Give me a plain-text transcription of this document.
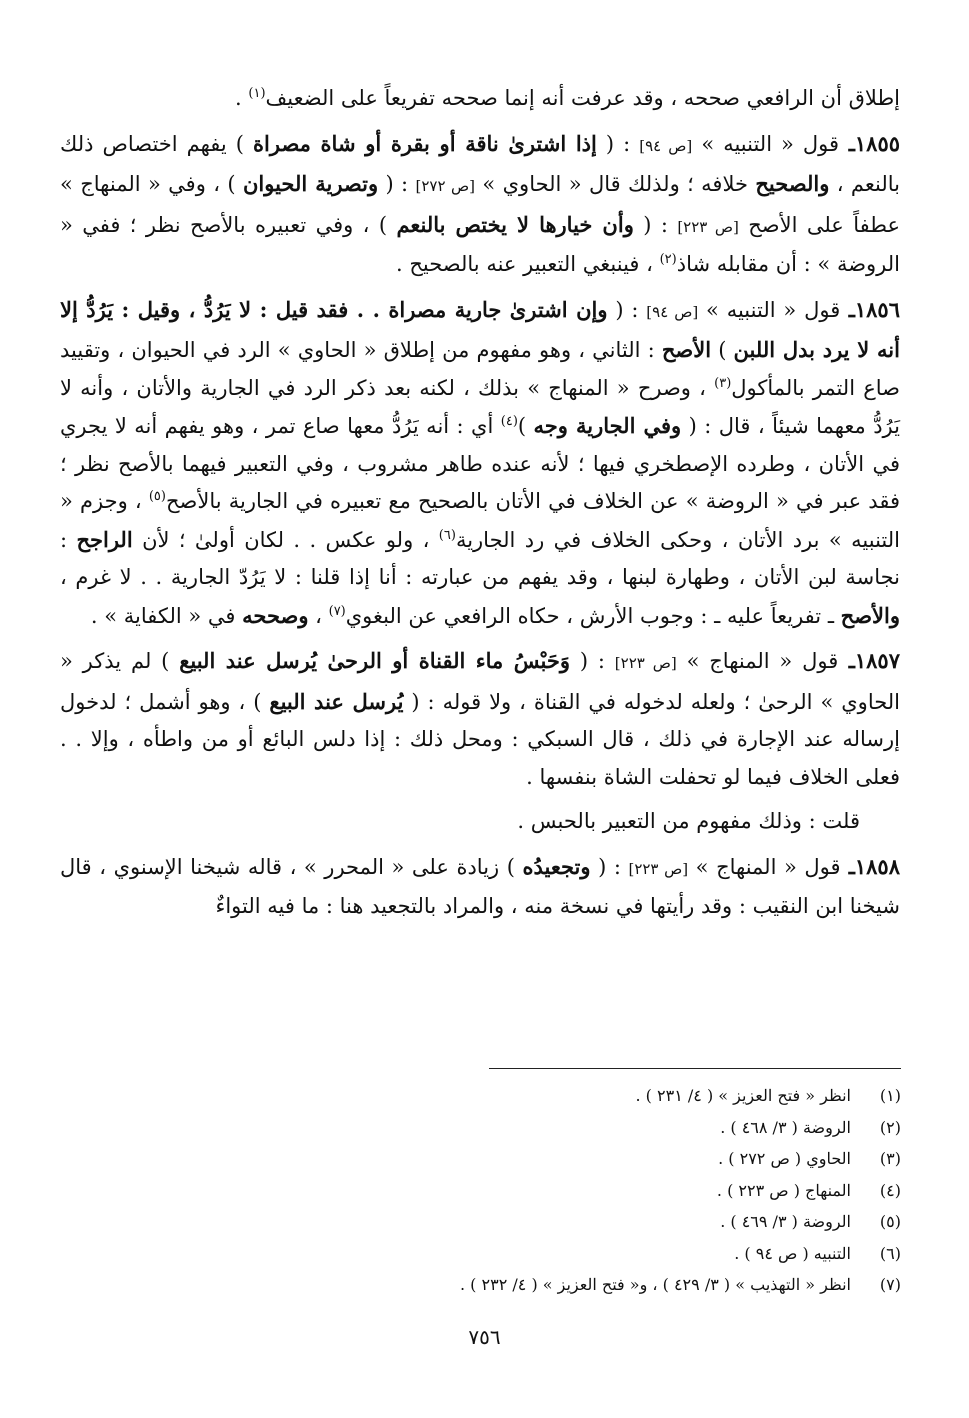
إطلاق أن الرافعي صححه ، وقد عرفت أنه إنما صححه تفريعاً على الضعيف$^{(١)}$ .

١٨٥٥ـ قول « التنبيه » [ص ٩٤] : ( إذا اشترىٰ ناقة أو بقرة أو شاة مصراة ) يفهم اختصاص ذلك بالنعم ، والصحيح خلافه ؛ ولذلك قال « الحاوي » [ص ٢٧٢] : ( وتصرية الحيوان ) ، وفي « المنهاج » عطفاً على الأصح [ص ٢٢٣] : ( وأن خيارها لا يختص بالنعم ) ، وفي تعبيره بالأصح نظر ؛ ففي « الروضة » : أن مقابله شاذ$^{(٢)}$ ، فينبغي التعبير عنه بالصحيح .

١٨٥٦ـ قول « التنبيه » [ص ٩٤] : ( وإن اشترىٰ جارية مصراة . . فقد قيل : لا يَرُدُّ ، وقيل : يَرُدُّ إلا أنه لا يرد بدل اللبن ) الأصح : الثاني ، وهو مفهوم من إطلاق « الحاوي » الرد في الحيوان ، وتقييد صاع التمر بالمأكول$^{(٣)}$ ، وصرح « المنهاج » بذلك ، لكنه بعد ذكر الرد في الجارية والأتان ، وأنه لا يَرُدُّ معهما شيئاً ، قال : ( وفي الجارية وجه )$^{(٤)}$ أي : أنه يَرُدُّ معها صاع تمر ، وهو يفهم أنه لا يجري في الأتان ، وطرده الإصطخري فيها ؛ لأنه عنده طاهر مشروب ، وفي التعبير فيهما بالأصح نظر ؛ فقد عبر في « الروضة » عن الخلاف في الأتان بالصحيح مع تعبيره في الجارية بالأصح$^{(٥)}$ ، وجزم « التنبيه » برد الأتان ، وحكى الخلاف في رد الجارية$^{(٦)}$ ، ولو عكس . . لكان أولىٰ ؛ لأن الراجح : نجاسة لبن الأتان ، وطهارة لبنها ، وقد يفهم من عبارته : أنا إذا قلنا : لا يَرُدّ الجارية . . لا غرم ، والأصح ـ تفريعاً عليه ـ : وجوب الأرش ، حكاه الرافعي عن البغوي$^{(٧)}$ ، وصححه في « الكفاية » .

١٨٥٧ـ قول « المنهاج » [ص ٢٢٣] : ( وَحَبْسُ ماء القناة أو الرحىٰ يُرسل عند البيع ) لم يذكر « الحاوي » الرحىٰ ؛ ولعله لدخوله في القناة ، ولا قوله : ( يُرسل عند البيع ) ، وهو أشمل ؛ لدخول إرساله عند الإجارة في ذلك ، قال السبكي : ومحل ذلك : إذا دلس البائع أو من واطأه ، وإلا . . فعلى الخلاف فيما لو تحفلت الشاة بنفسها .

قلت : وذلك مفهوم من التعبير بالحبس .

١٨٥٨ـ قول « المنهاج » [ص ٢٢٣] : ( وتجعيدُه ) زيادة على « المحرر » ، قاله شيخنا الإسنوي ، قال شيخنا ابن النقيب : وقد رأيتها في نسخة منه ، والمراد بالتجعيد هنا : ما فيه التواءٌ

(١)
انظر « فتح العزيز » ( ٤/ ٢٣١ ) .
(٢)
الروضة ( ٣/ ٤٦٨ ) .
(٣)
الحاوي ( ص ٢٧٢ ) .
(٤)
المنهاج ( ص ٢٢٣ ) .
(٥)
الروضة ( ٣/ ٤٦٩ ) .
(٦)
التنبيه ( ص ٩٤ ) .
(٧)
انظر « التهذيب » ( ٣/ ٤٢٩ ) ، و« فتح العزيز » ( ٤/ ٢٣٢ ) .
٧٥٦
